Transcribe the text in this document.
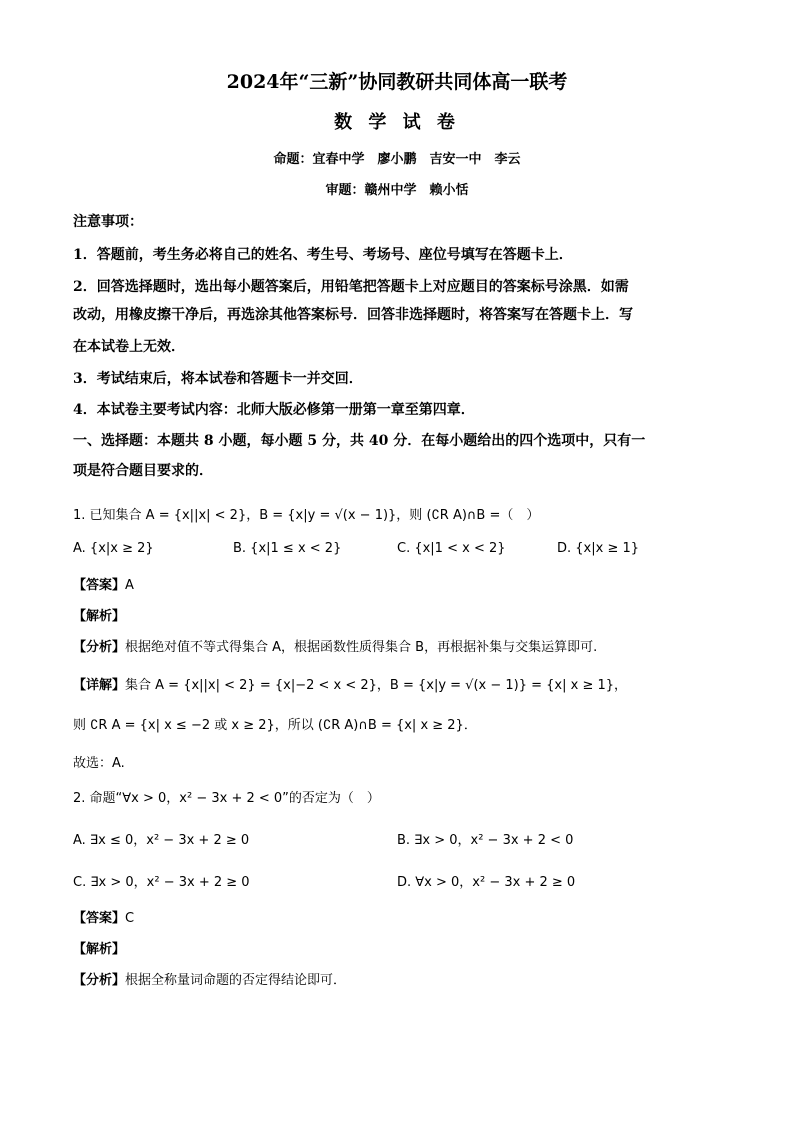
2024年“三新”协同教研共同体高一联考
数 学 试 卷
命题：宜春中学　廖小鹏　吉安一中　李云
审题：赣州中学　赖小恬
注意事项：
1．答题前，考生务必将自己的姓名、考生号、考场号、座位号填写在答题卡上．
2．回答选择题时，选出每小题答案后，用铅笔把答题卡上对应题目的答案标号涂黑．如需
改动，用橡皮擦干净后，再选涂其他答案标号．回答非选择题时，将答案写在答题卡上．写
在本试卷上无效．
3．考试结束后，将本试卷和答题卡一并交回．
4．本试卷主要考试内容：北师大版必修第一册第一章至第四章．
一、选择题：本题共 8 小题，每小题 5 分，共 40 分．在每小题给出的四个选项中，只有一
项是符合题目要求的．
1. 已知集合 A = {x||x| < 2}，B = {x|y = √(x − 1)}，则 (∁R A)∩B =（　）
A. {x|x ≥ 2}	B. {x|1 ≤ x < 2}	C. {x|1 < x < 2}	D. {x|x ≥ 1}
【答案】A
【解析】
【分析】根据绝对值不等式得集合 A，根据函数性质得集合 B，再根据补集与交集运算即可.
【详解】集合 A = {x||x| < 2} = {x|−2 < x < 2}，B = {x|y = √(x − 1)} = {x| x ≥ 1}，
则 ∁R A = {x| x ≤ −2 或 x ≥ 2}，所以 (∁R A)∩B = {x| x ≥ 2}．
故选：A.
2. 命题“∀x > 0，x² − 3x + 2 < 0”的否定为（　）
A. ∃x ≤ 0，x² − 3x + 2 ≥ 0	B. ∃x > 0，x² − 3x + 2 < 0
C. ∃x > 0，x² − 3x + 2 ≥ 0	D. ∀x > 0，x² − 3x + 2 ≥ 0
【答案】C
【解析】
【分析】根据全称量词命题的否定得结论即可．
